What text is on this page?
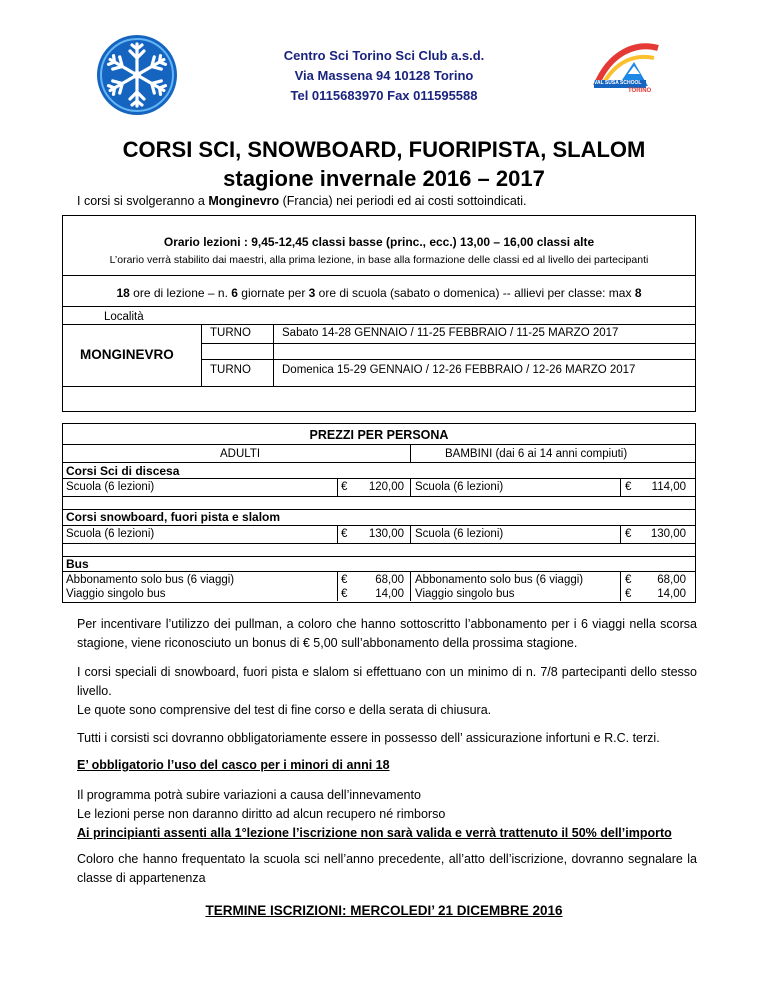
VAL SUSA SCHOOL
TORINO
Centro Sci Torino Sci Club a.s.d.
Via Massena 94 10128 Torino
Tel 0115683970 Fax 011595588
CORSI SCI, SNOWBOARD, FUORIPISTA, SLALOM
stagione invernale 2016 – 2017
I corsi si svolgeranno a Monginevro (Francia) nei periodi ed ai costi sottoindicati.
Orario lezioni : 9,45-12,45 classi basse (princ., ecc.) 13,00 – 16,00 classi alte
L’orario verrà stabilito dai maestri, alla prima lezione, in base alla formazione delle classi ed al livello dei partecipanti
18 ore di lezione – n. 6 giornate per 3 ore di scuola (sabato o domenica) -- allievi per classe: max 8
Località
TURNO	Sabato 14-28 GENNAIO / 11-25 FEBBRAIO / 11-25 MARZO 2017
TURNO	Domenica 15-29 GENNAIO / 12-26 FEBBRAIO / 12-26 MARZO 2017
MONGINEVRO
PREZZI PER PERSONA
ADULTI	BAMBINI (dai 6 ai 14 anni compiuti)
Corsi Sci di discesa
Scuola (6 lezioni)	€	120,00 Scuola (6 lezioni)	€	114,00
Corsi snowboard, fuori pista e slalom
Scuola (6 lezioni)	€	130,00 Scuola (6 lezioni)	€	130,00
Bus
Abbonamento solo bus (6 viaggi)	€	68,00 Abbonamento solo bus (6 viaggi)	€	68,00
Viaggio singolo bus	€	14,00 Viaggio singolo bus	€	14,00
Per incentivare l’utilizzo dei pullman, a coloro che hanno sottoscritto l’abbonamento per i 6 viaggi nella scorsa stagione, viene riconosciuto un bonus di € 5,00 sull’abbonamento della prossima stagione.
I corsi speciali di snowboard, fuori pista e slalom si effettuano con un minimo di n. 7/8 partecipanti dello stesso livello.
Le quote sono comprensive del test di fine corso e della serata di chiusura.
Tutti i corsisti sci dovranno obbligatoriamente essere in possesso dell’ assicurazione infortuni e R.C. terzi.
E’ obbligatorio l’uso del casco per i minori di anni 18
Il programma potrà subire variazioni a causa dell’innevamento
Le lezioni perse non daranno diritto ad alcun recupero né rimborso
Ai principianti assenti alla 1°lezione l’iscrizione non sarà valida e verrà trattenuto il 50% dell’importo
Coloro che hanno frequentato la scuola sci nell’anno precedente, all’atto dell’iscrizione, dovranno segnalare la classe di appartenenza
TERMINE ISCRIZIONI: MERCOLEDI’ 21 DICEMBRE 2016
